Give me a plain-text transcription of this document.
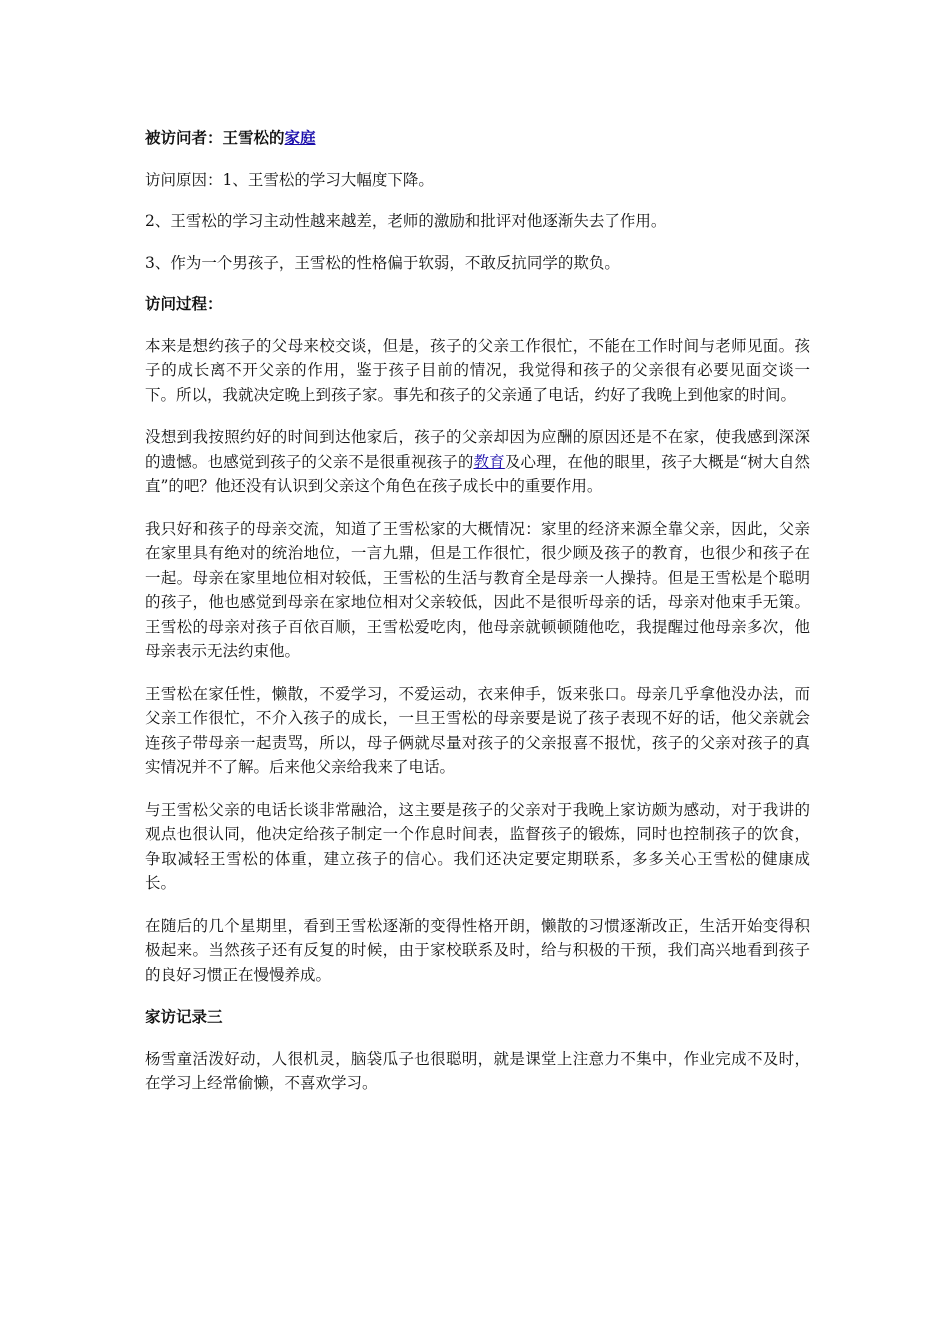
被访问者：王雪松的家庭

访问原因：1、王雪松的学习大幅度下降。

2、王雪松的学习主动性越来越差，老师的激励和批评对他逐渐失去了作用。

3、作为一个男孩子，王雪松的性格偏于软弱，不敢反抗同学的欺负。

访问过程：

本来是想约孩子的父母来校交谈，但是，孩子的父亲工作很忙，不能在工作时间与老师见面。孩子的成长离不开父亲的作用，鉴于孩子目前的情况，我觉得和孩子的父亲很有必要见面交谈一下。所以，我就决定晚上到孩子家。事先和孩子的父亲通了电话，约好了我晚上到他家的时间。

没想到我按照约好的时间到达他家后，孩子的父亲却因为应酬的原因还是不在家，使我感到深深的遗憾。也感觉到孩子的父亲不是很重视孩子的教育及心理，在他的眼里，孩子大概是“树大自然直”的吧？他还没有认识到父亲这个角色在孩子成长中的重要作用。

我只好和孩子的母亲交流，知道了王雪松家的大概情况：家里的经济来源全靠父亲，因此，父亲在家里具有绝对的统治地位，一言九鼎，但是工作很忙，很少顾及孩子的教育，也很少和孩子在一起。母亲在家里地位相对较低，王雪松的生活与教育全是母亲一人操持。但是王雪松是个聪明的孩子，他也感觉到母亲在家地位相对父亲较低，因此不是很听母亲的话，母亲对他束手无策。王雪松的母亲对孩子百依百顺，王雪松爱吃肉，他母亲就顿顿随他吃，我提醒过他母亲多次，他母亲表示无法约束他。

王雪松在家任性，懒散，不爱学习，不爱运动，衣来伸手，饭来张口。母亲几乎拿他没办法，而父亲工作很忙，不介入孩子的成长，一旦王雪松的母亲要是说了孩子表现不好的话，他父亲就会连孩子带母亲一起责骂，所以，母子俩就尽量对孩子的父亲报喜不报忧，孩子的父亲对孩子的真实情况并不了解。后来他父亲给我来了电话。

与王雪松父亲的电话长谈非常融洽，这主要是孩子的父亲对于我晚上家访颇为感动，对于我讲的观点也很认同，他决定给孩子制定一个作息时间表，监督孩子的锻炼，同时也控制孩子的饮食，争取减轻王雪松的体重，建立孩子的信心。我们还决定要定期联系，多多关心王雪松的健康成长。

在随后的几个星期里，看到王雪松逐渐的变得性格开朗，懒散的习惯逐渐改正，生活开始变得积极起来。当然孩子还有反复的时候，由于家校联系及时，给与积极的干预，我们高兴地看到孩子的良好习惯正在慢慢养成。

家访记录三

杨雪童活泼好动，人很机灵，脑袋瓜子也很聪明，就是课堂上注意力不集中，作业完成不及时，在学习上经常偷懒，不喜欢学习。
